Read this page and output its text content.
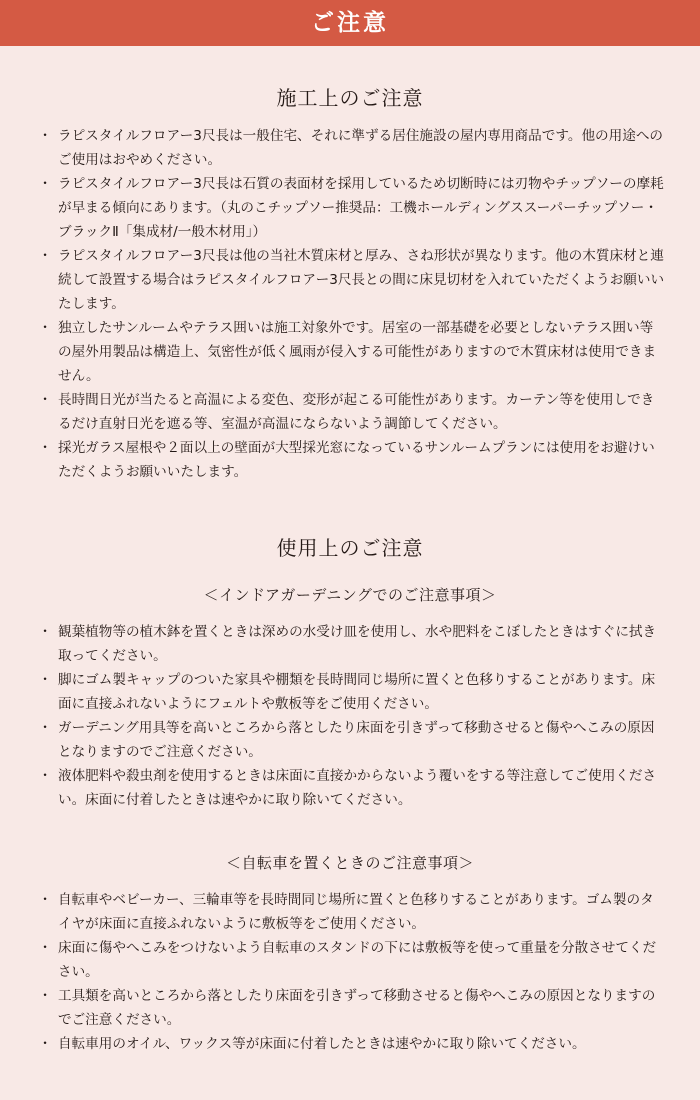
ご注意
施工上のご注意
・ ラピスタイルフロアー3尺長は一般住宅、それに準ずる居住施設の屋内専用商品です。他の用途へのご使用はおやめください。
・ ラピスタイルフロアー3尺長は石質の表面材を採用しているため切断時には刃物やチップソーの摩耗が早まる傾向にあります。（丸のこチップソー推奨品：工機ホールディングススーパーチップソー・ブラックⅡ「集成材/一般木材用」）
・ ラピスタイルフロアー3尺長は他の当社木質床材と厚み、さね形状が異なります。他の木質床材と連続して設置する場合はラピスタイルフロアー3尺長との間に床見切材を入れていただくようお願いいたします。
・ 独立したサンルームやテラス囲いは施工対象外です。居室の一部基礎を必要としないテラス囲い等の屋外用製品は構造上、気密性が低く風雨が侵入する可能性がありますので木質床材は使用できません。
・ 長時間日光が当たると高温による変色、変形が起こる可能性があります。カーテン等を使用しできるだけ直射日光を遮る等、室温が高温にならないよう調節してください。
・ 採光ガラス屋根や２面以上の壁面が大型採光窓になっているサンルームプランには使用をお避けいただくようお願いいたします。
使用上のご注意
＜インドアガーデニングでのご注意事項＞
・ 観葉植物等の植木鉢を置くときは深めの水受け皿を使用し、水や肥料をこぼしたときはすぐに拭き取ってください。
・ 脚にゴム製キャップのついた家具や棚類を長時間同じ場所に置くと色移りすることがあります。床面に直接ふれないようにフェルトや敷板等をご使用ください。
・ ガーデニング用具等を高いところから落としたり床面を引きずって移動させると傷やへこみの原因となりますのでご注意ください。
・ 液体肥料や殺虫剤を使用するときは床面に直接かからないよう覆いをする等注意してご使用ください。床面に付着したときは速やかに取り除いてください。
＜自転車を置くときのご注意事項＞
・ 自転車やベビーカー、三輪車等を長時間同じ場所に置くと色移りすることがあります。ゴム製のタイヤが床面に直接ふれないように敷板等をご使用ください。
・ 床面に傷やへこみをつけないよう自転車のスタンドの下には敷板等を使って重量を分散させてください。
・ 工具類を高いところから落としたり床面を引きずって移動させると傷やへこみの原因となりますのでご注意ください。
・ 自転車用のオイル、ワックス等が床面に付着したときは速やかに取り除いてください。
